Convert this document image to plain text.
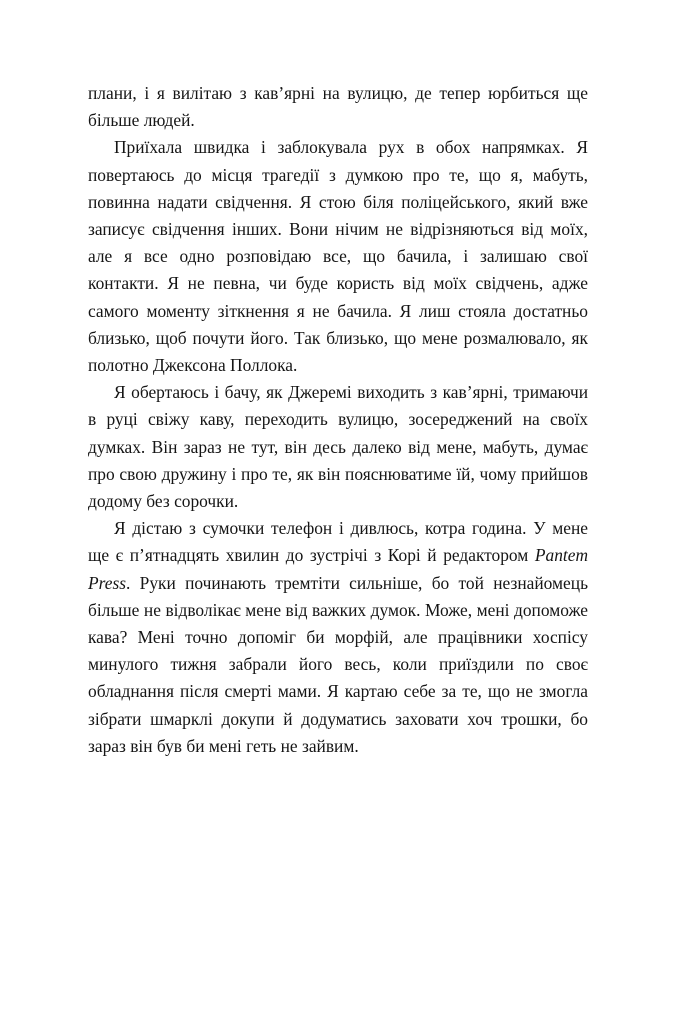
плани, і я вилітаю з кав’ярні на вулицю, де тепер юрбиться ще більше людей.

Приїхала швидка і заблокувала рух в обох напрямках. Я повертаюсь до місця трагедії з думкою про те, що я, мабуть, повинна надати свідчення. Я стою біля поліцейського, який вже записує свідчення інших. Вони нічим не відрізняються від моїх, але я все одно розповідаю все, що бачила, і залишаю свої контакти. Я не певна, чи буде користь від моїх свідчень, адже самого моменту зіткнення я не бачила. Я лиш стояла достатньо близько, щоб почути його. Так близько, що мене розмалювало, як полотно Джексона Поллока.

Я обертаюсь і бачу, як Джеремі виходить з кав’ярні, тримаючи в руці свіжу каву, переходить вулицю, зосереджений на своїх думках. Він зараз не тут, він десь далеко від мене, мабуть, думає про свою дружину і про те, як він пояснюватиме їй, чому прийшов додому без сорочки.

Я дістаю з сумочки телефон і дивлюсь, котра година. У мене ще є п’ятнадцять хвилин до зустрічі з Корі й редактором Pantem Press. Руки починають тремтіти сильніше, бо той незнайомець більше не відволікає мене від важких думок. Може, мені допоможе кава? Мені точно допоміг би морфій, але працівники хоспісу минулого тижня забрали його весь, коли приїздили по своє обладнання після смерті мами. Я картаю себе за те, що не змогла зібрати шмарклі докупи й додуматись заховати хоч трошки, бо зараз він був би мені геть не зайвим.
